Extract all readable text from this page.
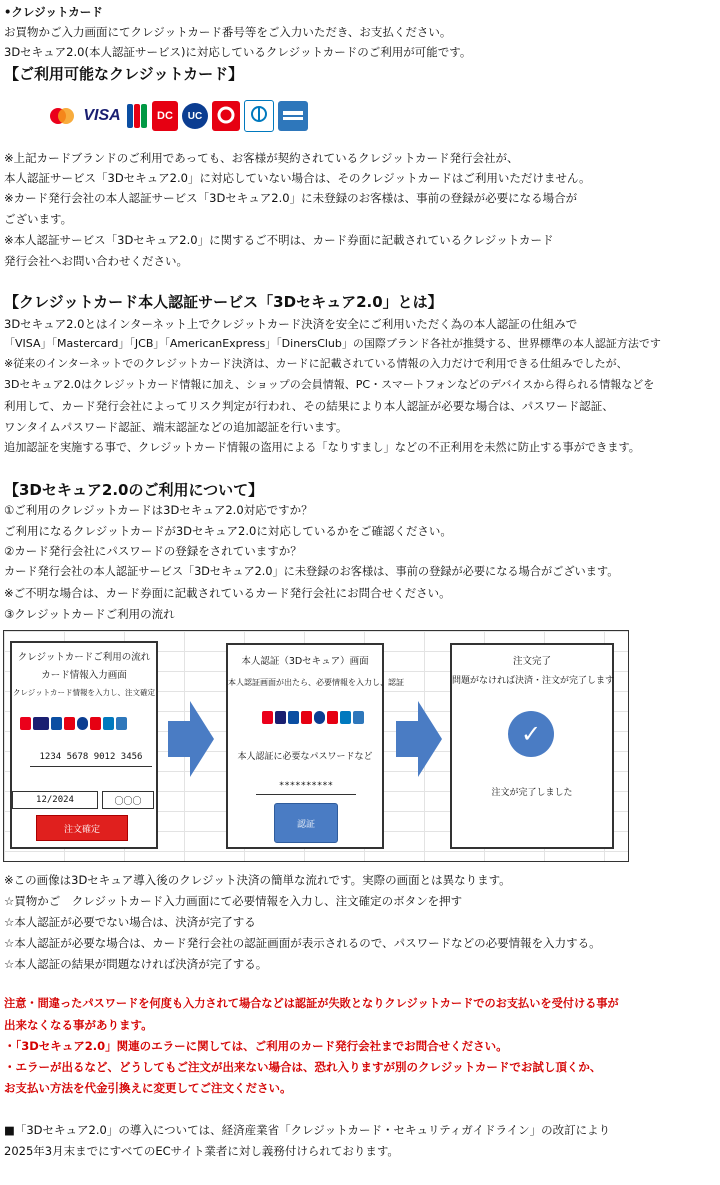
•クレジットカード
お買物かご入力画面にてクレジットカード番号等をご入力いただき、お支払ください。
3Dセキュア2.0(本人認証サービス)に対応しているクレジットカードのご利用が可能です。
【ご利用可能なクレジットカード】
VISA	DC	UC
※上記カードブランドのご利用であっても、お客様が契約されているクレジットカード発行会社が、
本人認証サービス「3Dセキュア2.0」に対応していない場合は、そのクレジットカードはご利用いただけません。
※カード発行会社の本人認証サービス「3Dセキュア2.0」に未登録のお客様は、事前の登録が必要になる場合が
ございます。
※本人認証サービス「3Dセキュア2.0」に関するご不明は、カード券面に記載されているクレジットカード
発行会社へお問い合わせください。
【クレジットカード本人認証サービス「3Dセキュア2.0」とは】
3Dセキュア2.0とはインターネット上でクレジットカード決済を安全にご利用いただく為の本人認証の仕組みで
「VISA」「Mastercard」「JCB」「AmericanExpress」「DinersClub」の国際ブランド各社が推奨する、世界標準の本人認証方法です
※従来のインターネットでのクレジットカード決済は、カードに記載されている情報の入力だけで利用できる仕組みでしたが、
3Dセキュア2.0はクレジットカード情報に加え、ショップの会員情報、PC・スマートフォンなどのデバイスから得られる情報などを
利用して、カード発行会社によってリスク判定が行われ、その結果により本人認証が必要な場合は、パスワード認証、
ワンタイムパスワード認証、端末認証などの追加認証を行います。
追加認証を実施する事で、クレジットカード情報の盗用による「なりすまし」などの不正利用を未然に防止する事ができます。
【3Dセキュア2.0のご利用について】
①ご利用のクレジットカードは3Dセキュア2.0対応ですか？
ご利用になるクレジットカードが3Dセキュア2.0に対応しているかをご確認ください。
②カード発行会社にパスワードの登録をされていますか？
カード発行会社の本人認証サービス「3Dセキュア2.0」に未登録のお客様は、事前の登録が必要になる場合がございます。
※ご不明な場合は、カード券面に記載されているカード発行会社にお問合せください。
③クレジットカードご利用の流れ
クレジットカードご利用の流れ
カード情報入力画面
クレジットカード情報を入力し、注文確定
1234 5678 9012 3456
12/2024	〇〇〇
注文確定
本人認証（3Dセキュア）画面
本人認証画面が出たら、必要情報を入力し、認証
本人認証に必要なパスワードなど
**********
認証
注文完了
問題がなければ決済・注文が完了します
✓
注文が完了しました
※この画像は3Dセキュア導入後のクレジット決済の簡単な流れです。実際の画面とは異なります。
☆買物かご　クレジットカード入力画面にて必要情報を入力し、注文確定のボタンを押す
☆本人認証が必要でない場合は、決済が完了する
☆本人認証が必要な場合は、カード発行会社の認証画面が表示されるので、パスワードなどの必要情報を入力する。
☆本人認証の結果が問題なければ決済が完了する。
注意・間違ったパスワードを何度も入力されて場合などは認証が失敗となりクレジットカードでのお支払いを受付ける事が
出来なくなる事があります。
・「3Dセキュア2.0」関連のエラーに関しては、ご利用のカード発行会社までお問合せください。
・エラーが出るなど、どうしてもご注文が出来ない場合は、恐れ入りますが別のクレジットカードでお試し頂くか、
お支払い方法を代金引換えに変更してご注文ください。
■「3Dセキュア2.0」の導入については、経済産業省「クレジットカード・セキュリティガイドライン」の改訂により
2025年3月末までにすべてのECサイト業者に対し義務付けられております。
